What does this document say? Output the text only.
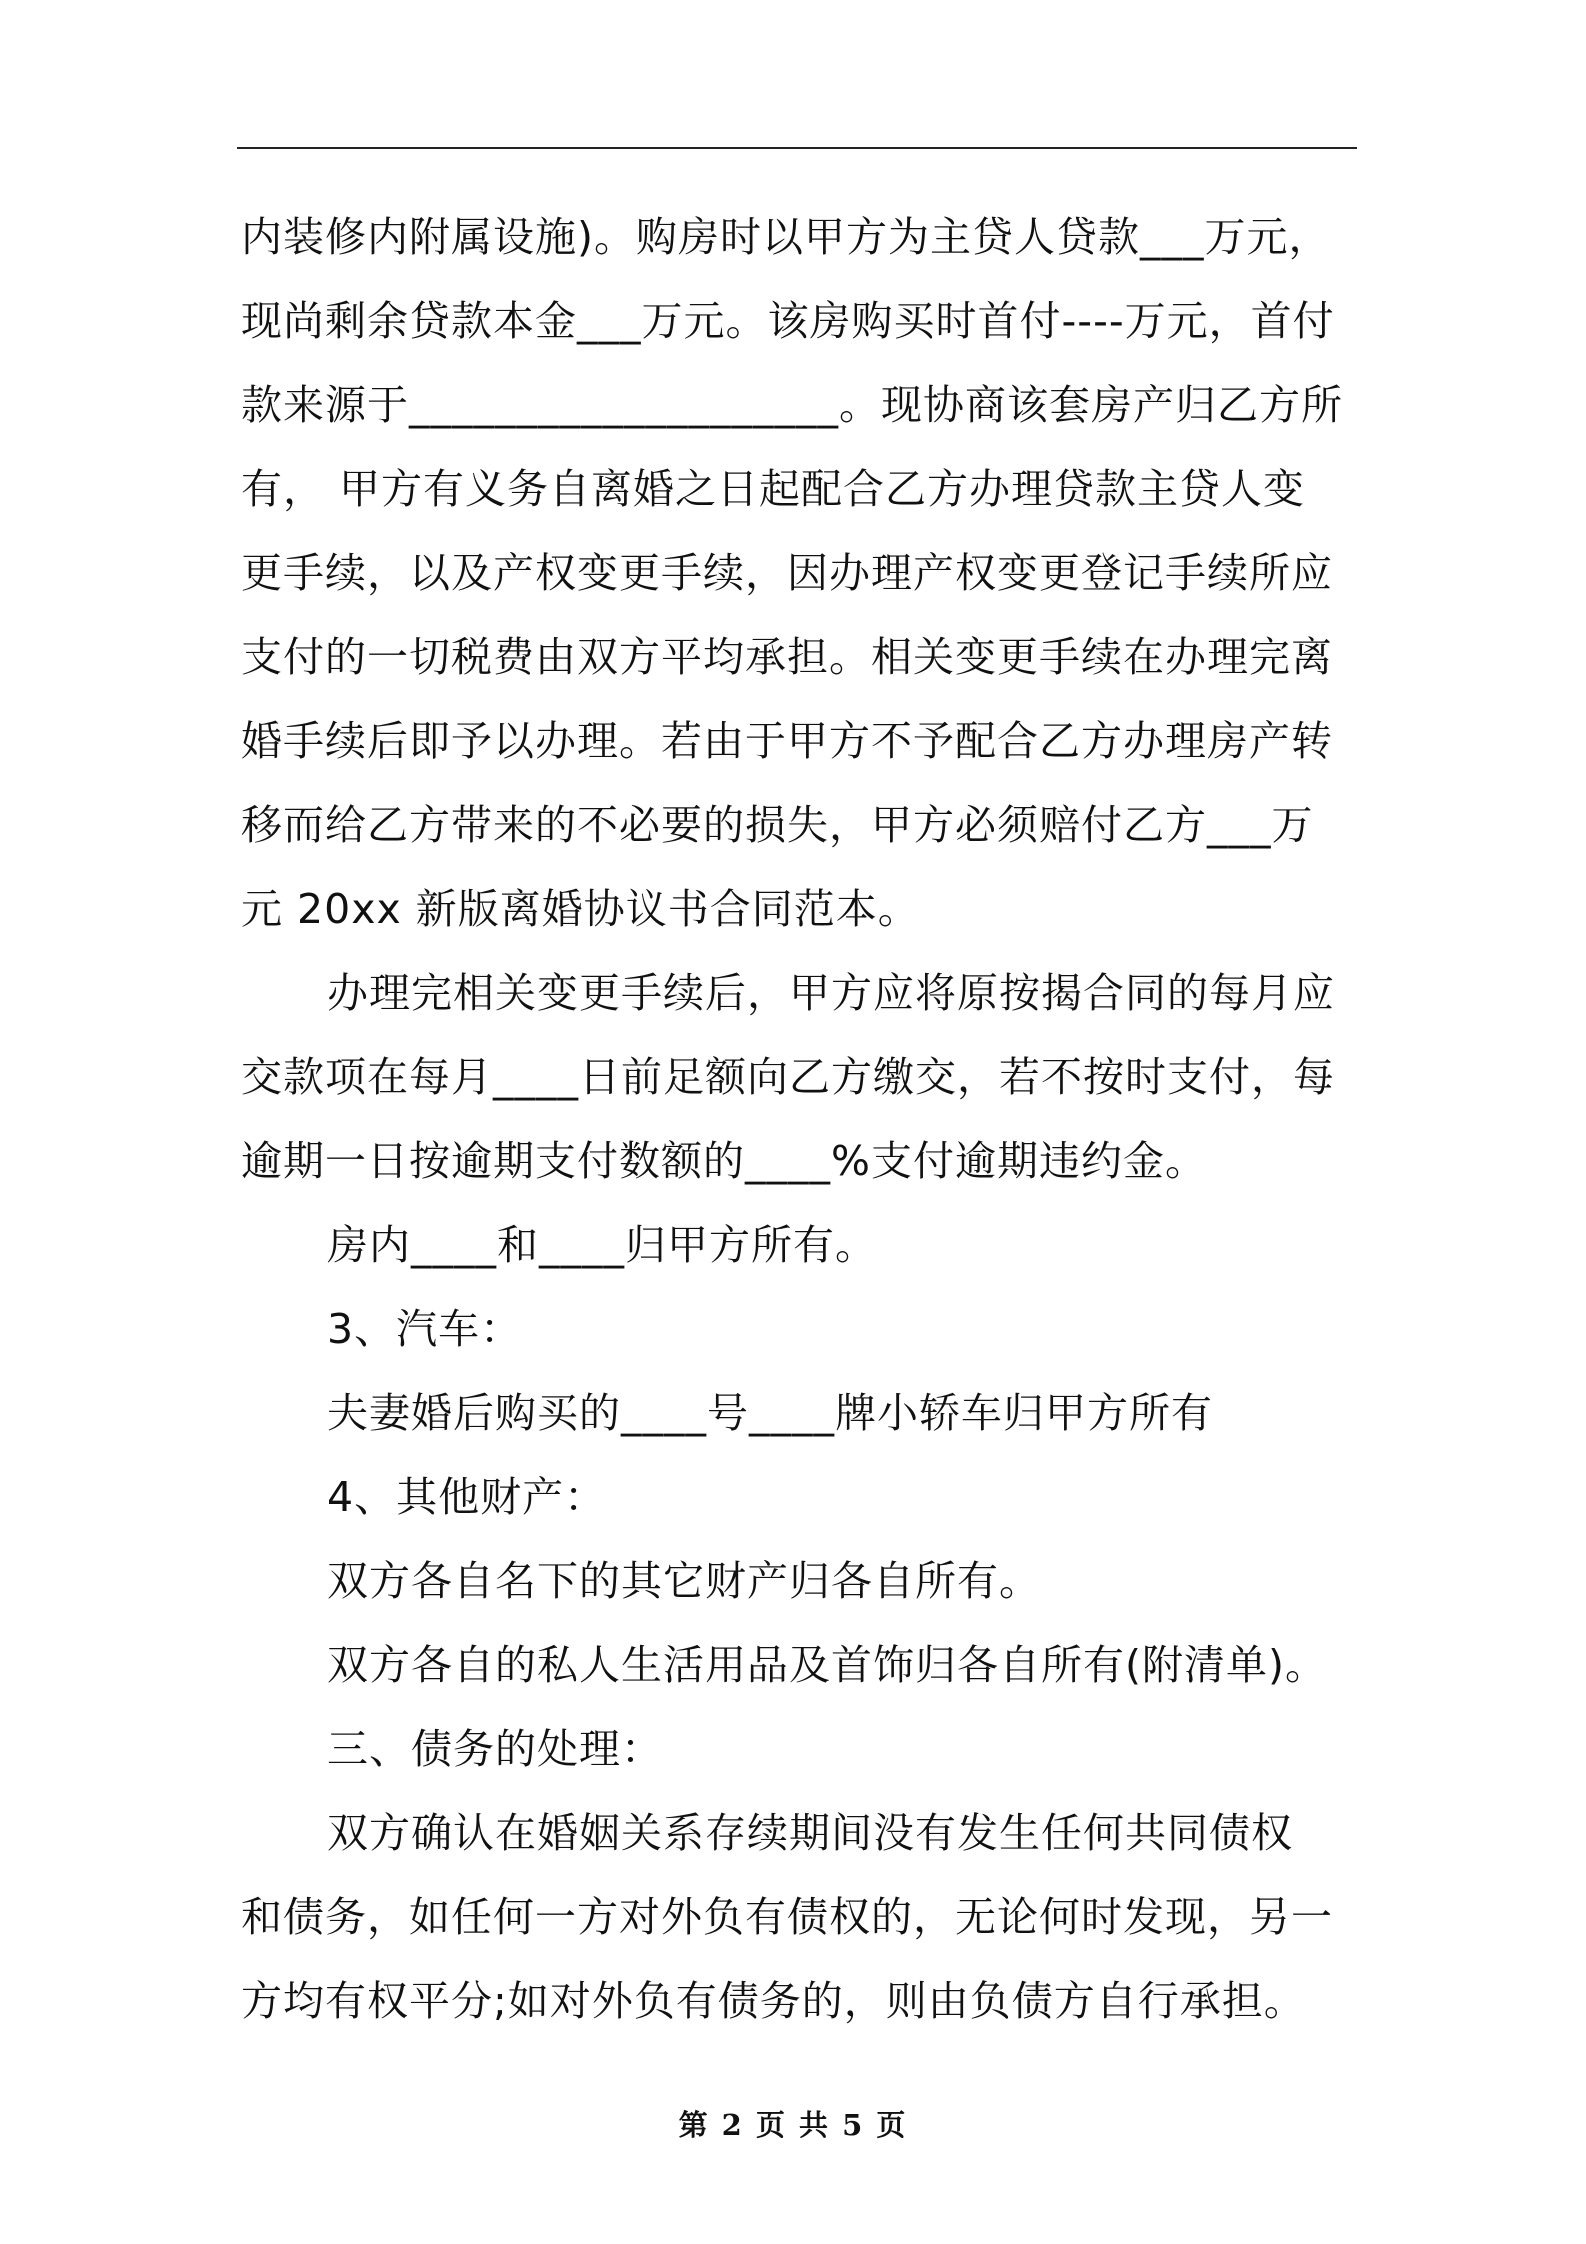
内装修内附属设施)。购房时以甲方为主贷人贷款___万元，
现尚剩余贷款本金___万元。该房购买时首付----万元，首付
款来源于____________________。现协商该套房产归乙方所
有， 甲方有义务自离婚之日起配合乙方办理贷款主贷人变
更手续，以及产权变更手续，因办理产权变更登记手续所应
支付的一切税费由双方平均承担。相关变更手续在办理完离
婚手续后即予以办理。若由于甲方不予配合乙方办理房产转
移而给乙方带来的不必要的损失，甲方必须赔付乙方___万
元 20xx 新版离婚协议书合同范本。
办理完相关变更手续后，甲方应将原按揭合同的每月应
交款项在每月____日前足额向乙方缴交，若不按时支付，每
逾期一日按逾期支付数额的____%支付逾期违约金。
房内____和____归甲方所有。
3、汽车：
夫妻婚后购买的____号____牌小轿车归甲方所有
4、其他财产：
双方各自名下的其它财产归各自所有。
双方各自的私人生活用品及首饰归各自所有(附清单)。
三、债务的处理：
双方确认在婚姻关系存续期间没有发生任何共同债权
和债务，如任何一方对外负有债权的，无论何时发现，另一
方均有权平分;如对外负有债务的，则由负债方自行承担。
第 2 页 共 5 页
